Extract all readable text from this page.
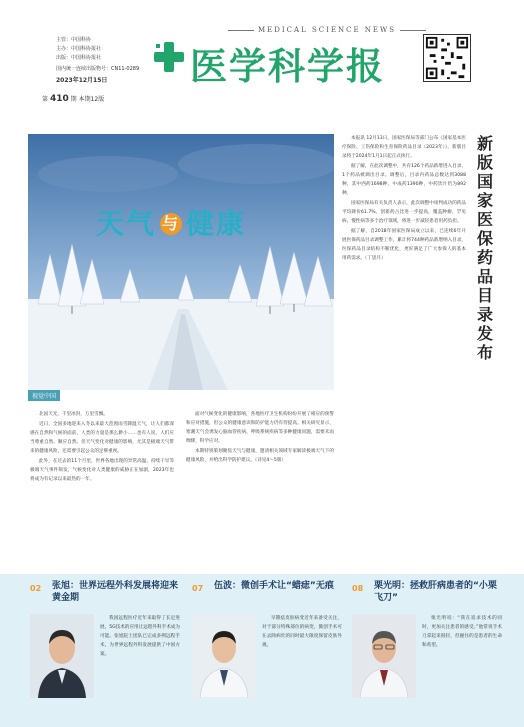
主管：中国科协
主办：中国科协报社
出版：中国科协报社
国内统一连续出版物号：CN11-0289
2023年12月15日
MEDICAL SCIENCE NEWS
医学科学报
第 410 期 本期12版
天气 与 健康
视觉中国

北国天光，千里冰封，万里雪飘。

近日，全国多地迎来入冬以来最大范围雨雪降温天气，让人们都深感在自然和气候的面前，人类的力量是那么渺小……也有人说，人们应当尊重自然、顺应自然。但天气变化对健康的影响，尤其是极端天气带来的健康风险，还需要引起公众的足够重视。

此外，在过去的11个月里，世界各地出现的异常高温、持续干旱等极端天气事件频发，气候变化对人类健康的威胁正在加剧，2023年也将成为有记录以来最热的一年。

面对气候变化的健康影响，各地医疗卫生机构纷纷开展了相应的预警和应对措施，但公众的健康意识和防护能力仍有待提高。相关研究显示，寒潮天气会诱发心脑血管疾病、呼吸系统疾病等多种健康问题，需要未雨绸缪，科学应对。

本期特别策划聚焦天气与健康，邀请相关领域专家解读极端天气下的健康风险，并给出科学防护建议。（详见4～5版）

本报讯 12月13日，国家医保局等部门公布《国家基本医疗保险、工伤保险和生育保险药品目录（2023年）》，新版目录将于2024年1月1日起正式执行。

据了解，在此次调整中，共有126个药品新增进入目录，1个药品被调出目录。调整后，目录内药品总数达到3088种，其中西药1698种、中成药1390种，中药饮片仍为892种。

国家医保局有关负责人表示，此次调整中谈判成功的药品平均降价61.7%，创新药占比进一步提高，覆盖肿瘤、罕见病、慢性病等多个治疗领域，将进一步减轻患者用药负担。

据了解，自2018年国家医保局成立以来，已连续6年开展医保药品目录调整工作，累计将744种药品新增纳入目录，医保药品目录结构不断优化，更好满足了广大参保人的基本用药需求。（丁思月）

新
版
国
家
医
保
药
品
目
录
发
布
02 张旭：世界远程外科发展将迎来黄金期

我国远程医疗近年来取得了长足进展，5G技术的应用让远程外科手术成为可能。张旭院士团队已完成多例远程手术，为世界远程外科发展提供了中国方案。

07 伍波：微创手术让“蜡痣”无痕

早期痣皮肤病变近年来备受关注，对于部分特殊部位的病变，微创手术可在去除病灶的同时最大限度保留皮肤外观。

08 栗光明：拯救肝病患者的“小栗飞刀”

栗光明说：“我在追求技术的同时，更加关注患者的感受。”他常说手术刀拿起来很轻，但握住的是患者的生命和希望。
